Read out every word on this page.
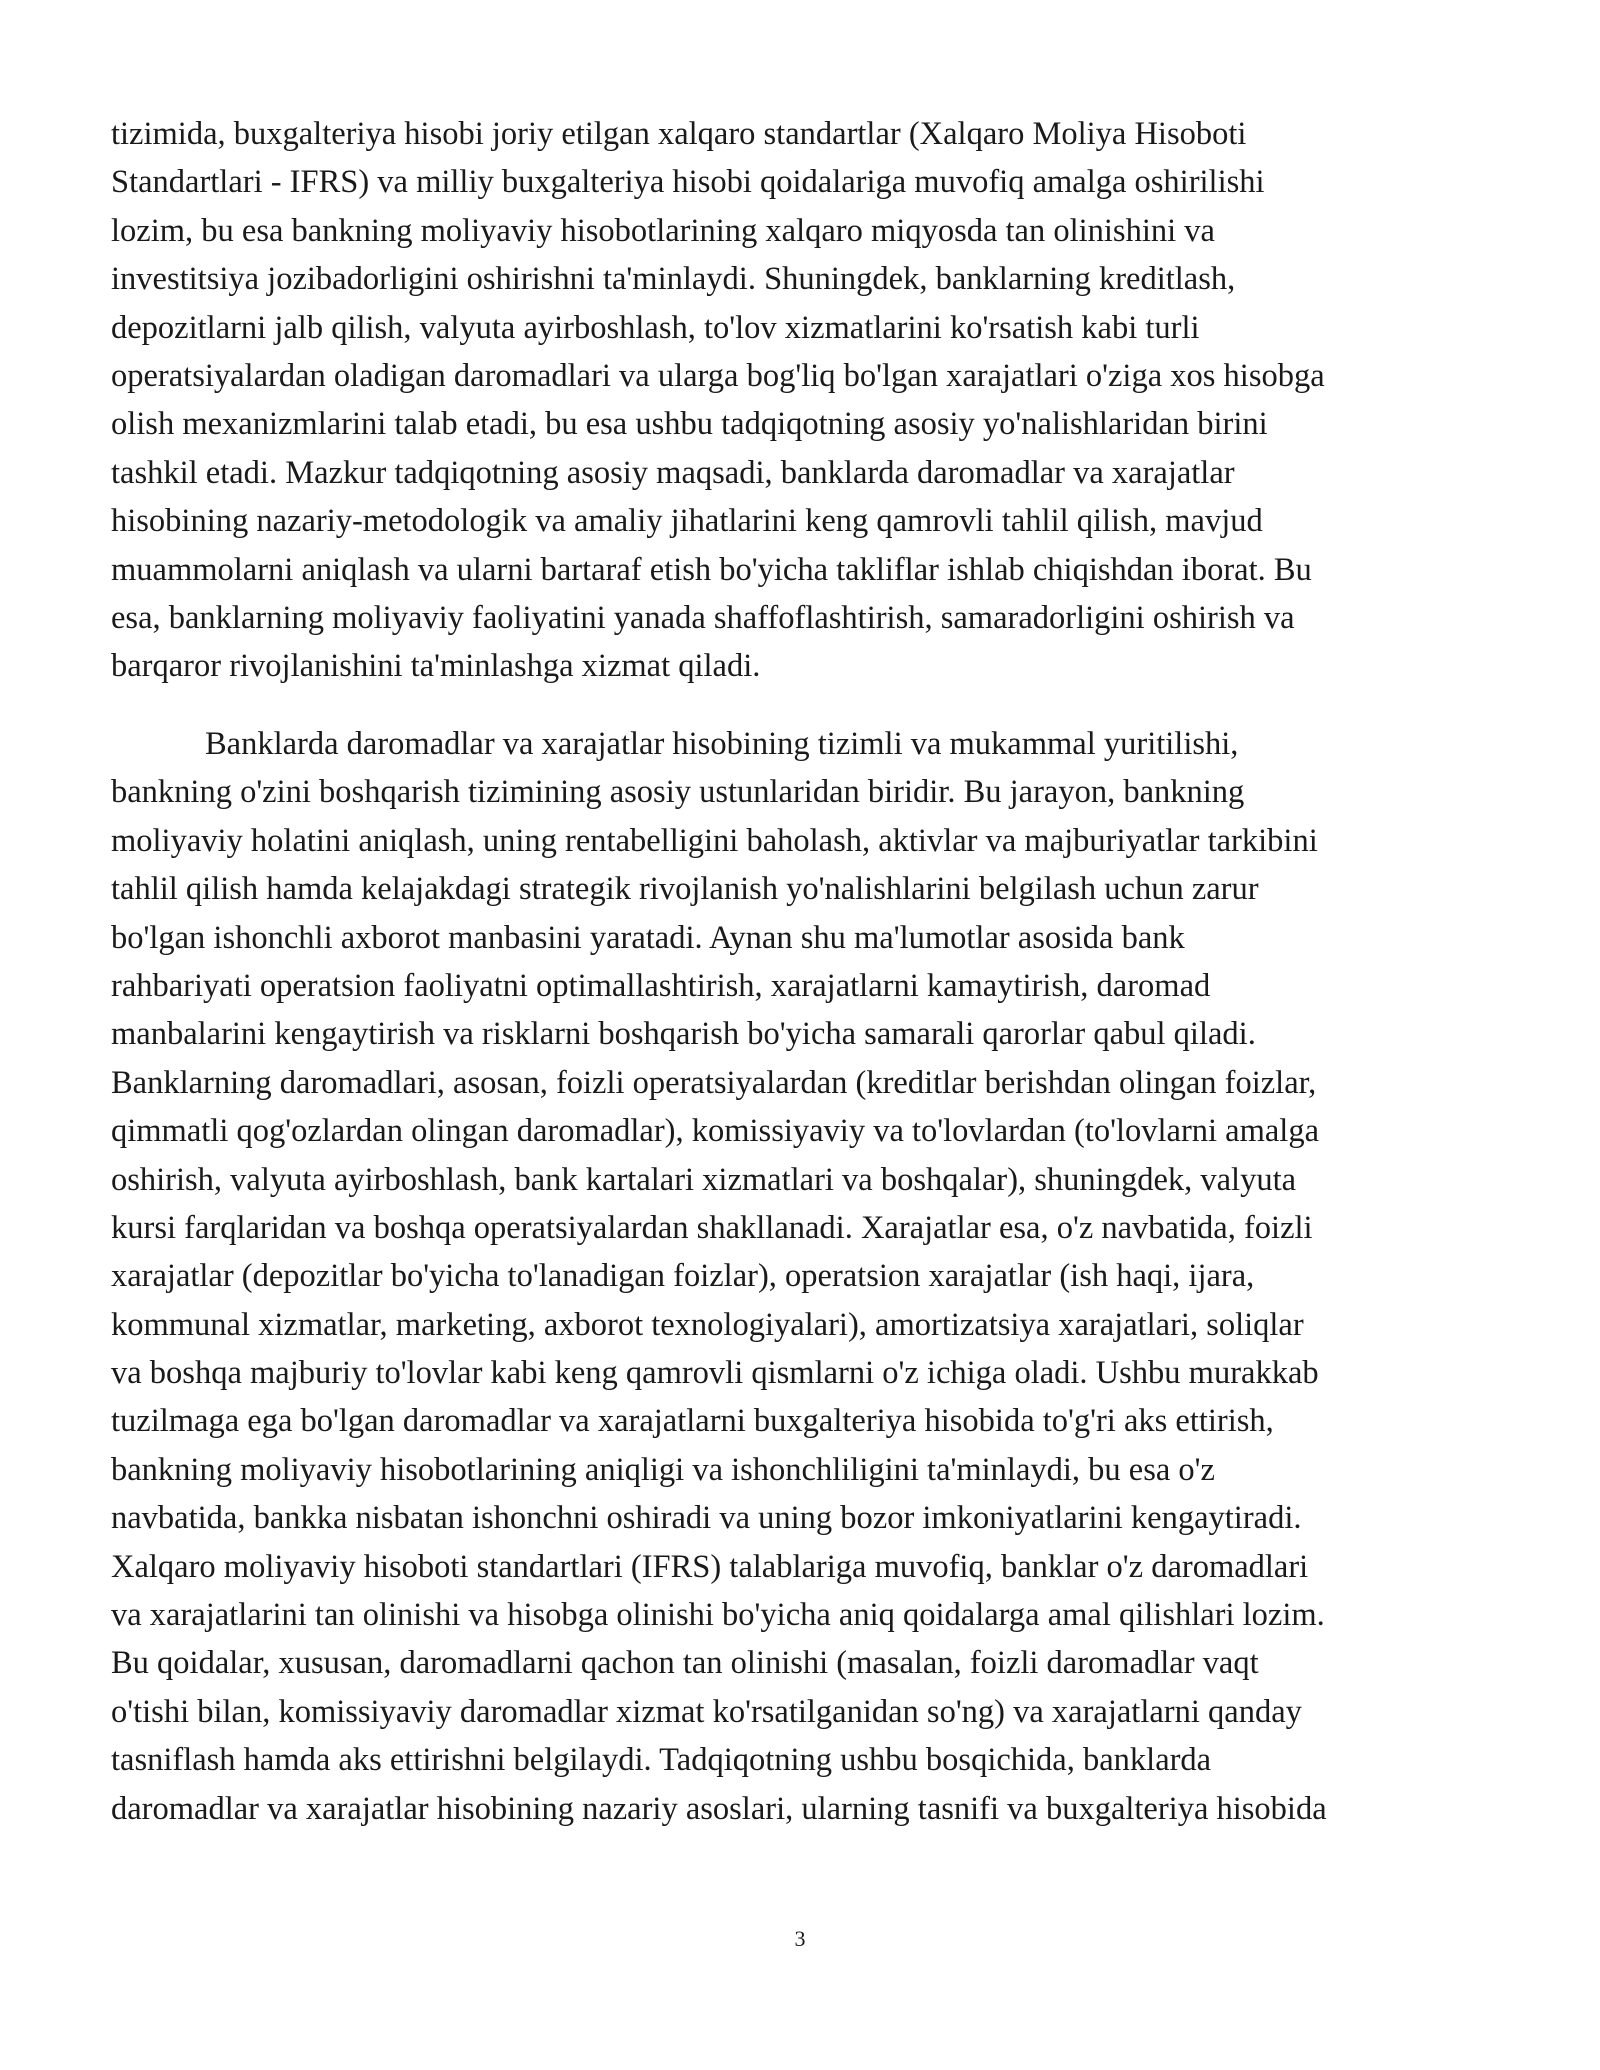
tizimida, buxgalteriya hisobi joriy etilgan xalqaro standartlar (Xalqaro Moliya Hisoboti
Standartlari - IFRS) va milliy buxgalteriya hisobi qoidalariga muvofiq amalga oshirilishi
lozim, bu esa bankning moliyaviy hisobotlarining xalqaro miqyosda tan olinishini va
investitsiya jozibadorligini oshirishni ta'minlaydi. Shuningdek, banklarning kreditlash,
depozitlarni jalb qilish, valyuta ayirboshlash, to'lov xizmatlarini ko'rsatish kabi turli
operatsiyalardan oladigan daromadlari va ularga bog'liq bo'lgan xarajatlari o'ziga xos hisobga
olish mexanizmlarini talab etadi, bu esa ushbu tadqiqotning asosiy yo'nalishlaridan birini
tashkil etadi. Mazkur tadqiqotning asosiy maqsadi, banklarda daromadlar va xarajatlar
hisobining nazariy-metodologik va amaliy jihatlarini keng qamrovli tahlil qilish, mavjud
muammolarni aniqlash va ularni bartaraf etish bo'yicha takliflar ishlab chiqishdan iborat. Bu
esa, banklarning moliyaviy faoliyatini yanada shaffoflashtirish, samaradorligini oshirish va
barqaror rivojlanishini ta'minlashga xizmat qiladi.
Banklarda daromadlar va xarajatlar hisobining tizimli va mukammal yuritilishi,
bankning o'zini boshqarish tizimining asosiy ustunlaridan biridir. Bu jarayon, bankning
moliyaviy holatini aniqlash, uning rentabelligini baholash, aktivlar va majburiyatlar tarkibini
tahlil qilish hamda kelajakdagi strategik rivojlanish yo'nalishlarini belgilash uchun zarur
bo'lgan ishonchli axborot manbasini yaratadi. Aynan shu ma'lumotlar asosida bank
rahbariyati operatsion faoliyatni optimallashtirish, xarajatlarni kamaytirish, daromad
manbalarini kengaytirish va risklarni boshqarish bo'yicha samarali qarorlar qabul qiladi.
Banklarning daromadlari, asosan, foizli operatsiyalardan (kreditlar berishdan olingan foizlar,
qimmatli qog'ozlardan olingan daromadlar), komissiyaviy va to'lovlardan (to'lovlarni amalga
oshirish, valyuta ayirboshlash, bank kartalari xizmatlari va boshqalar), shuningdek, valyuta
kursi farqlaridan va boshqa operatsiyalardan shakllanadi. Xarajatlar esa, o'z navbatida, foizli
xarajatlar (depozitlar bo'yicha to'lanadigan foizlar), operatsion xarajatlar (ish haqi, ijara,
kommunal xizmatlar, marketing, axborot texnologiyalari), amortizatsiya xarajatlari, soliqlar
va boshqa majburiy to'lovlar kabi keng qamrovli qismlarni o'z ichiga oladi. Ushbu murakkab
tuzilmaga ega bo'lgan daromadlar va xarajatlarni buxgalteriya hisobida to'g'ri aks ettirish,
bankning moliyaviy hisobotlarining aniqligi va ishonchliligini ta'minlaydi, bu esa o'z
navbatida, bankka nisbatan ishonchni oshiradi va uning bozor imkoniyatlarini kengaytiradi.
Xalqaro moliyaviy hisoboti standartlari (IFRS) talablariga muvofiq, banklar o'z daromadlari
va xarajatlarini tan olinishi va hisobga olinishi bo'yicha aniq qoidalarga amal qilishlari lozim.
Bu qoidalar, xususan, daromadlarni qachon tan olinishi (masalan, foizli daromadlar vaqt
o'tishi bilan, komissiyaviy daromadlar xizmat ko'rsatilganidan so'ng) va xarajatlarni qanday
tasniflash hamda aks ettirishni belgilaydi. Tadqiqotning ushbu bosqichida, banklarda
daromadlar va xarajatlar hisobining nazariy asoslari, ularning tasnifi va buxgalteriya hisobida
3
